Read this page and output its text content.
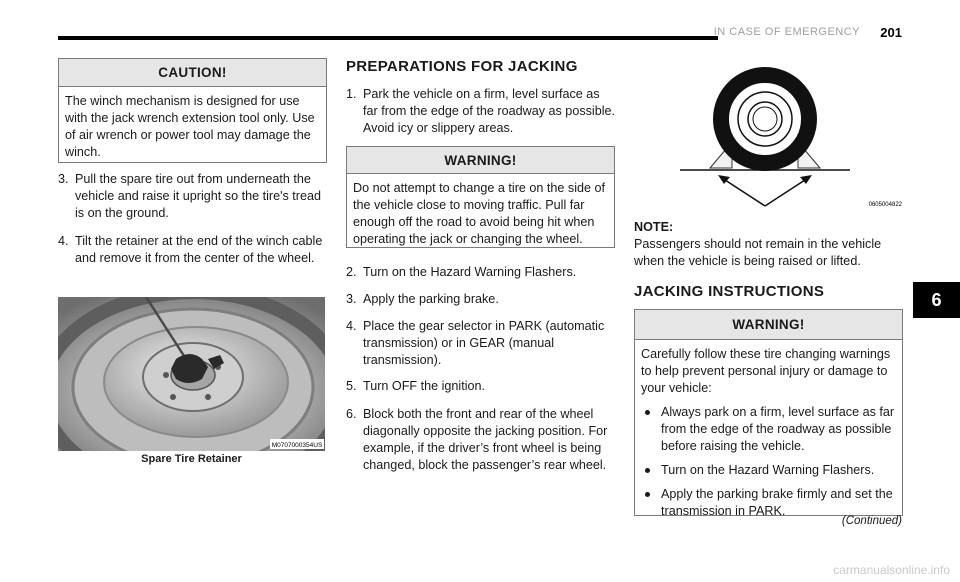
IN CASE OF EMERGENCY 201
6
CAUTION!
The winch mechanism is designed for use with the jack wrench extension tool only. Use of air wrench or power tool may damage the winch.
3. Pull the spare tire out from underneath the vehicle and raise it upright so the tire's tread is on the ground.
4. Tilt the retainer at the end of the winch cable and remove it from the center of the wheel.
M0707000354US
Spare Tire Retainer
PREPARATIONS FOR JACKING
1. Park the vehicle on a firm, level surface as far from the edge of the roadway as possible. Avoid icy or slippery areas.
WARNING!
Do not attempt to change a tire on the side of the vehicle close to moving traffic. Pull far enough off the road to avoid being hit when operating the jack or changing the wheel.
2. Turn on the Hazard Warning Flashers.
3. Apply the parking brake.
4. Place the gear selector in PARK (automatic transmission) or in GEAR (manual transmission).
5. Turn OFF the ignition.
6. Block both the front and rear of the wheel diagonally opposite the jacking position. For example, if the driver’s front wheel is being changed, block the passenger’s rear wheel.
0605004822
NOTE:
Passengers should not remain in the vehicle when the vehicle is being raised or lifted.
JACKING INSTRUCTIONS
WARNING!
Carefully follow these tire changing warnings to help prevent personal injury or damage to your vehicle:
Always park on a firm, level surface as far from the edge of the roadway as possible before raising the vehicle.
Turn on the Hazard Warning Flashers.
Apply the parking brake firmly and set the transmission in PARK.
(Continued)
carmanualsonline.info
